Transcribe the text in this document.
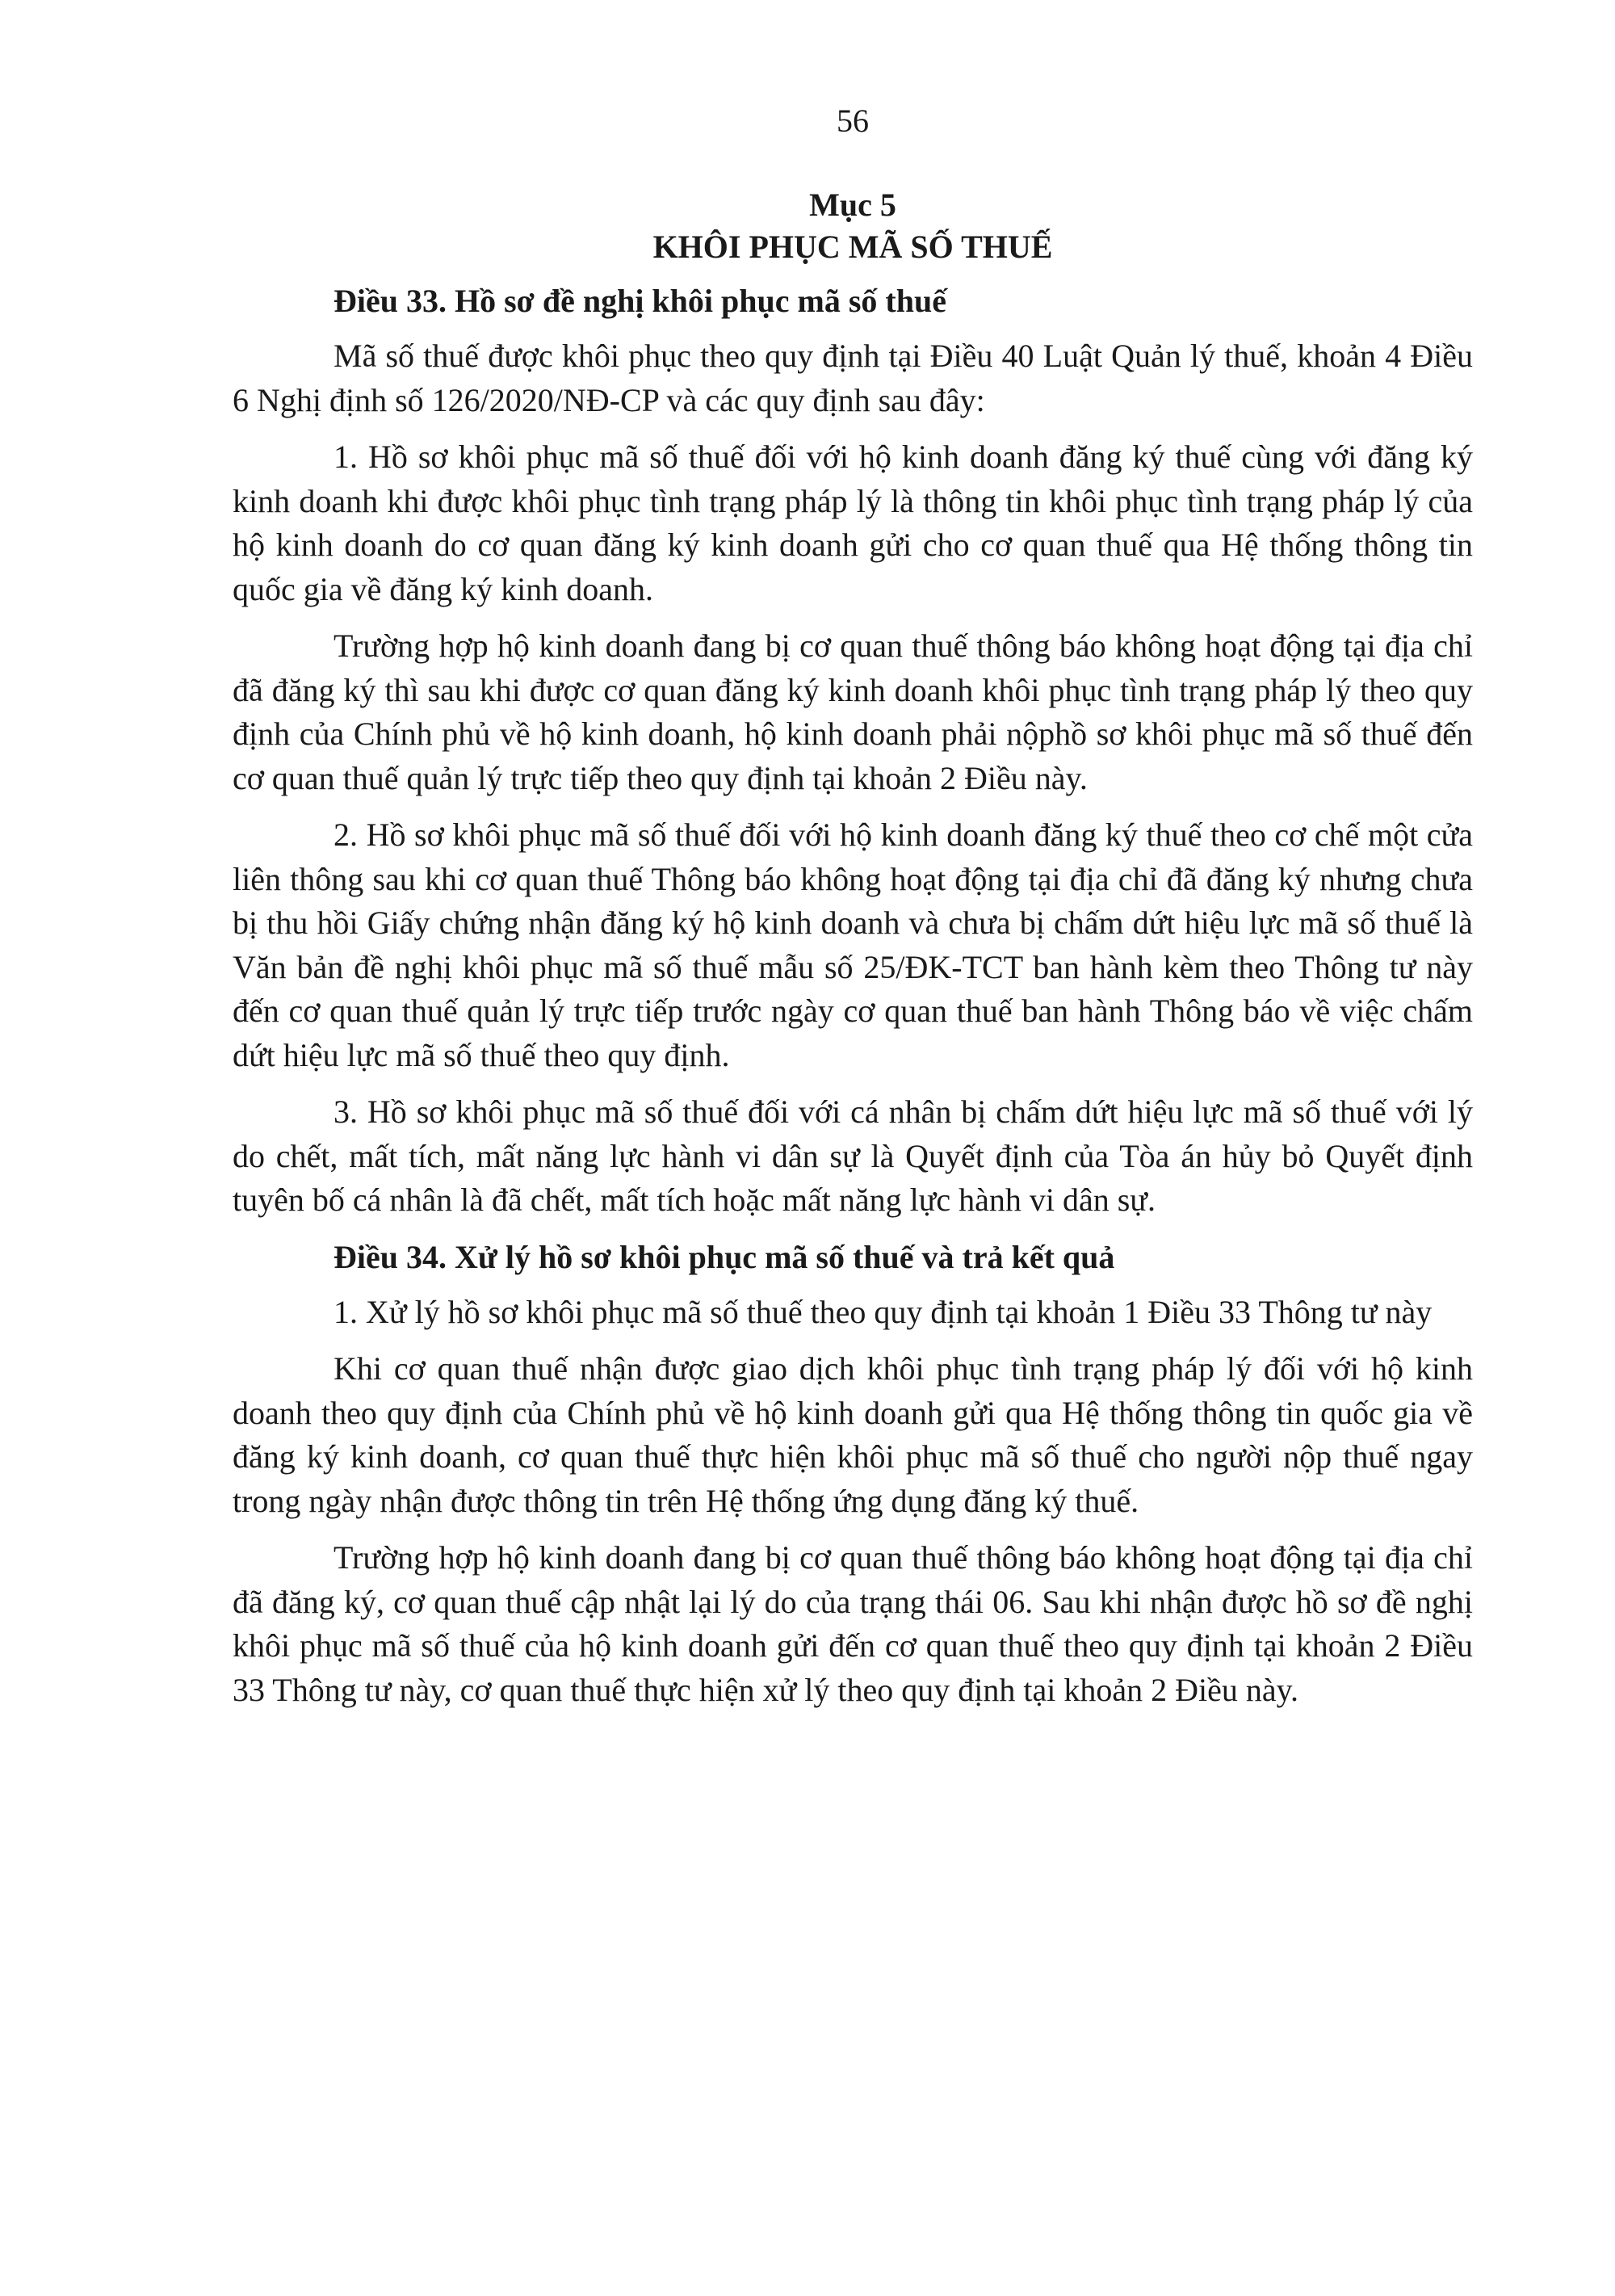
56
Mục 5
KHÔI PHỤC MÃ SỐ THUẾ
Điều 33. Hồ sơ đề nghị khôi phục mã số thuế

Mã số thuế được khôi phục theo quy định tại Điều 40 Luật Quản lý thuế, khoản 4 Điều 6 Nghị định số 126/2020/NĐ-CP và các quy định sau đây:

1. Hồ sơ khôi phục mã số thuế đối với hộ kinh doanh đăng ký thuế cùng với đăng ký kinh doanh khi được khôi phục tình trạng pháp lý là thông tin khôi phục tình trạng pháp lý của hộ kinh doanh do cơ quan đăng ký kinh doanh gửi cho cơ quan thuế qua Hệ thống thông tin quốc gia về đăng ký kinh doanh.

Trường hợp hộ kinh doanh đang bị cơ quan thuế thông báo không hoạt động tại địa chỉ đã đăng ký thì sau khi được cơ quan đăng ký kinh doanh khôi phục tình trạng pháp lý theo quy định của Chính phủ về hộ kinh doanh, hộ kinh doanh phải nộphồ sơ khôi phục mã số thuế đến cơ quan thuế quản lý trực tiếp theo quy định tại khoản 2 Điều này.

2. Hồ sơ khôi phục mã số thuế đối với hộ kinh doanh đăng ký thuế theo cơ chế một cửa liên thông sau khi cơ quan thuế Thông báo không hoạt động tại địa chỉ đã đăng ký nhưng chưa bị thu hồi Giấy chứng nhận đăng ký hộ kinh doanh và chưa bị chấm dứt hiệu lực mã số thuế là Văn bản đề nghị khôi phục mã số thuế mẫu số 25/ĐK-TCT ban hành kèm theo Thông tư này đến cơ quan thuế quản lý trực tiếp trước ngày cơ quan thuế ban hành Thông báo về việc chấm dứt hiệu lực mã số thuế theo quy định.

3. Hồ sơ khôi phục mã số thuế đối với cá nhân bị chấm dứt hiệu lực mã số thuế với lý do chết, mất tích, mất năng lực hành vi dân sự là Quyết định của Tòa án hủy bỏ Quyết định tuyên bố cá nhân là đã chết, mất tích hoặc mất năng lực hành vi dân sự.

Điều 34. Xử lý hồ sơ khôi phục mã số thuế và trả kết quả

1. Xử lý hồ sơ khôi phục mã số thuế theo quy định tại khoản 1 Điều 33 Thông tư này

Khi cơ quan thuế nhận được giao dịch khôi phục tình trạng pháp lý đối với hộ kinh doanh theo quy định của Chính phủ về hộ kinh doanh gửi qua Hệ thống thông tin quốc gia về đăng ký kinh doanh, cơ quan thuế thực hiện khôi phục mã số thuế cho người nộp thuế ngay trong ngày nhận được thông tin trên Hệ thống ứng dụng đăng ký thuế.

Trường hợp hộ kinh doanh đang bị cơ quan thuế thông báo không hoạt động tại địa chỉ đã đăng ký, cơ quan thuế cập nhật lại lý do của trạng thái 06. Sau khi nhận được hồ sơ đề nghị khôi phục mã số thuế của hộ kinh doanh gửi đến cơ quan thuế theo quy định tại khoản 2 Điều 33 Thông tư này, cơ quan thuế thực hiện xử lý theo quy định tại khoản 2 Điều này.
